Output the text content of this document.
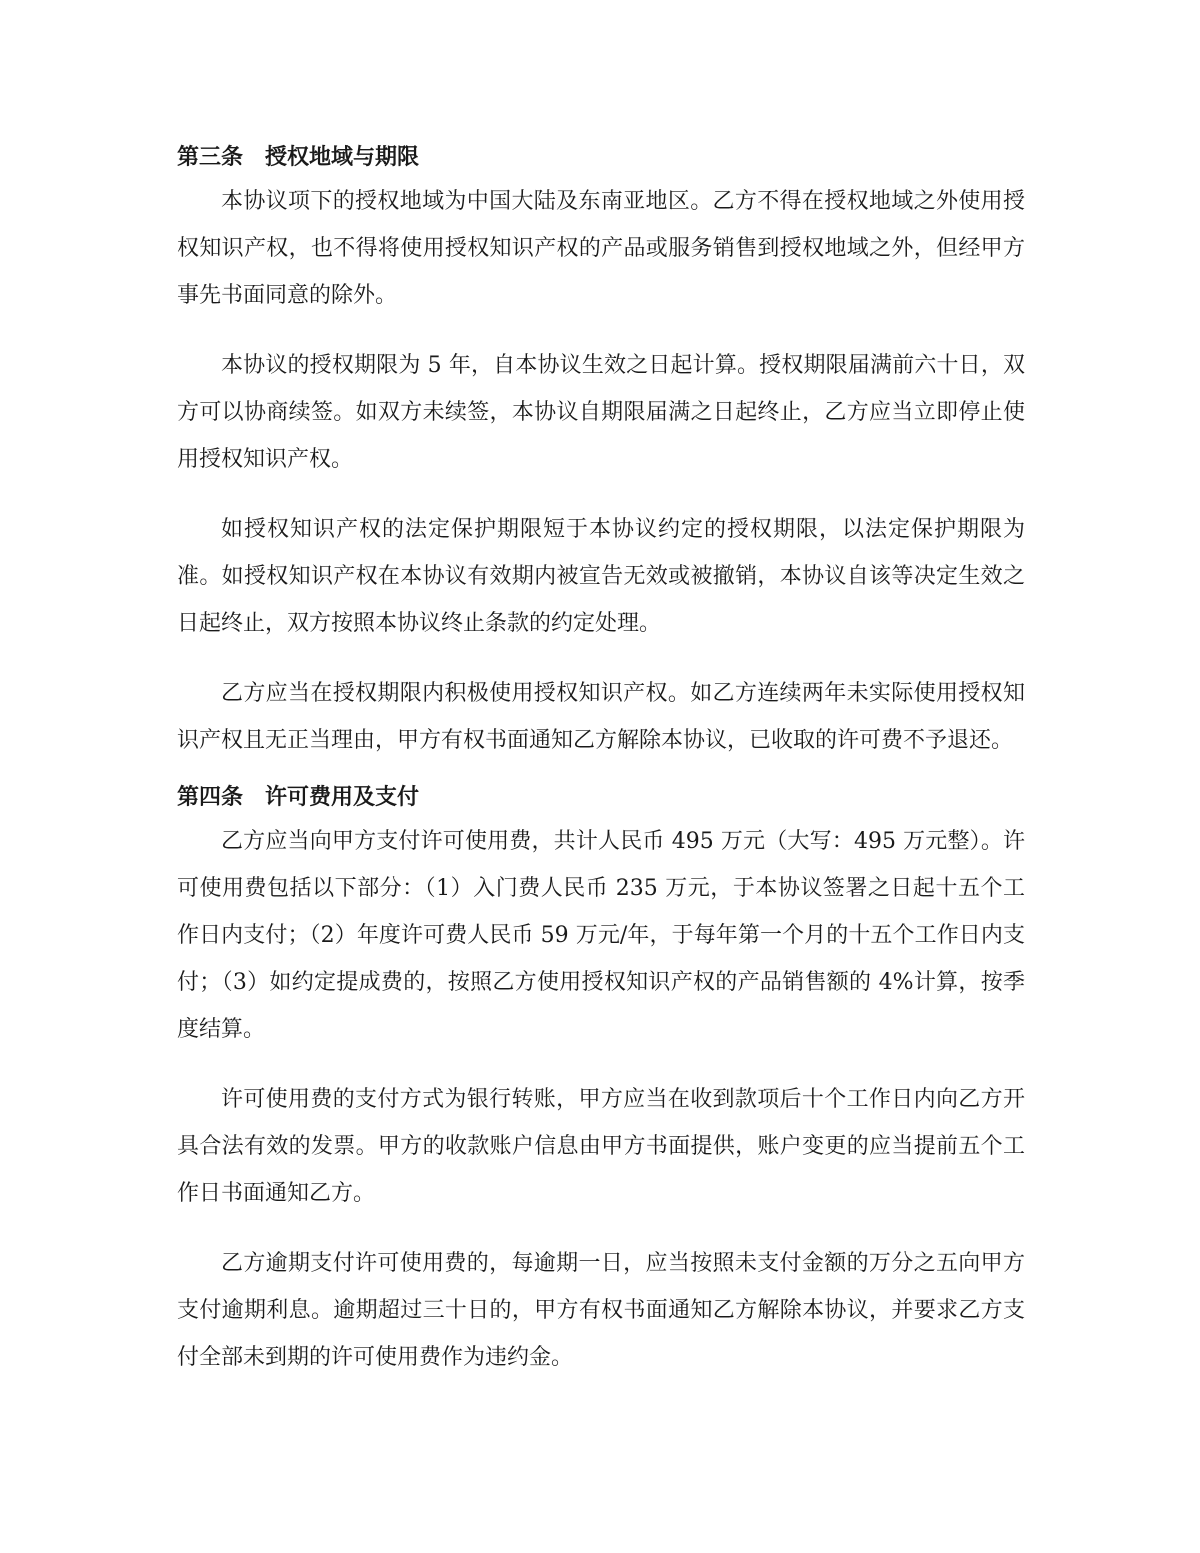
第三条　授权地域与期限

本协议项下的授权地域为中国大陆及东南亚地区。乙方不得在授权地域之外使用授权知识产权，也不得将使用授权知识产权的产品或服务销售到授权地域之外，但经甲方事先书面同意的除外。

本协议的授权期限为 5 年，自本协议生效之日起计算。授权期限届满前六十日，双方可以协商续签。如双方未续签，本协议自期限届满之日起终止，乙方应当立即停止使用授权知识产权。

如授权知识产权的法定保护期限短于本协议约定的授权期限，以法定保护期限为准。如授权知识产权在本协议有效期内被宣告无效或被撤销，本协议自该等决定生效之日起终止，双方按照本协议终止条款的约定处理。

乙方应当在授权期限内积极使用授权知识产权。如乙方连续两年未实际使用授权知识产权且无正当理由，甲方有权书面通知乙方解除本协议，已收取的许可费不予退还。

第四条　许可费用及支付

乙方应当向甲方支付许可使用费，共计人民币 495 万元（大写：495 万元整）。许可使用费包括以下部分：（1）入门费人民币 235 万元，于本协议签署之日起十五个工作日内支付；（2）年度许可费人民币 59 万元/年，于每年第一个月的十五个工作日内支付；（3）如约定提成费的，按照乙方使用授权知识产权的产品销售额的 4%计算，按季度结算。

许可使用费的支付方式为银行转账，甲方应当在收到款项后十个工作日内向乙方开具合法有效的发票。甲方的收款账户信息由甲方书面提供，账户变更的应当提前五个工作日书面通知乙方。

乙方逾期支付许可使用费的，每逾期一日，应当按照未支付金额的万分之五向甲方支付逾期利息。逾期超过三十日的，甲方有权书面通知乙方解除本协议，并要求乙方支付全部未到期的许可使用费作为违约金。
